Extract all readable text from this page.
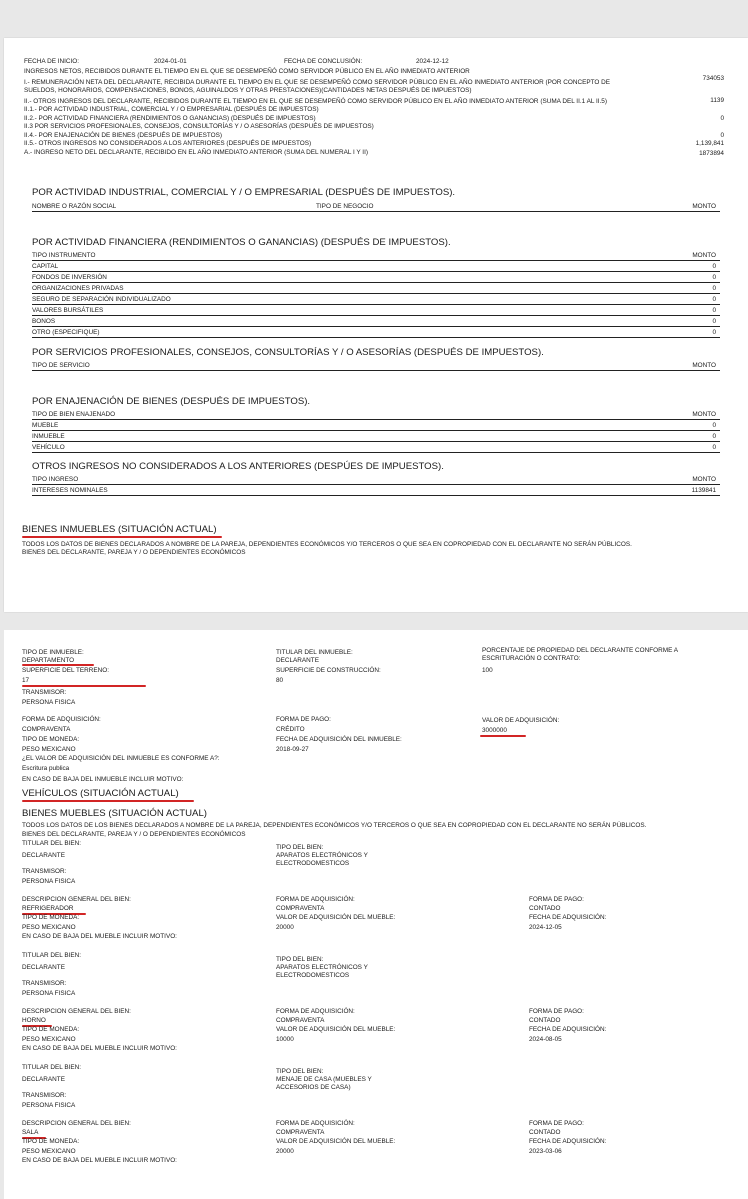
FECHA DE INICIO:	2024-01-01	FECHA DE CONCLUSIÓN:	2024-12-12
INGRESOS NETOS, RECIBIDOS DURANTE EL TIEMPO EN EL QUE SE DESEMPEÑÓ COMO SERVIDOR PÚBLICO EN EL AÑO INMEDIATO ANTERIOR
I.- REMUNERACIÓN NETA DEL DECLARANTE, RECIBIDA DURANTE EL TIEMPO EN EL QUE SE DESEMPEÑÓ COMO SERVIDOR PÚBLICO EN EL AÑO INMEDIATO ANTERIOR (POR CONCEPTO DE
SUELDOS, HONORARIOS, COMPENSACIONES, BONOS, AGUINALDOS Y OTRAS PRESTACIONES)(CANTIDADES NETAS DESPUÉS DE IMPUESTOS)
734053
II.- OTROS INGRESOS DEL DECLARANTE, RECIBIDOS DURANTE EL TIEMPO EN EL QUE SE DESEMPEÑÓ COMO SERVIDOR PÚBLICO EN EL AÑO INMEDIATO ANTERIOR (SUMA DEL II.1 AL II.5)	1139
II.1.- POR ACTIVIDAD INDUSTRIAL, COMERCIAL Y / O EMPRESARIAL (DESPUÉS DE IMPUESTOS)
II.2.- POR ACTIVIDAD FINANCIERA (RENDIMIENTOS O GANANCIAS) (DESPUÉS DE IMPUESTOS)	0
II.3 POR SERVICIOS PROFESIONALES, CONSEJOS, CONSULTORÍAS Y / O ASESORÍAS (DESPUÉS DE IMPUESTOS)
II.4.- POR ENAJENACIÓN DE BIENES (DESPUÉS DE IMPUESTOS)	0
II.5.- OTROS INGRESOS NO CONSIDERADOS A LOS ANTERIORES (DESPUÉS DE IMPUESTOS)	1,139,841
A.- INGRESO NETO DEL DECLARANTE, RECIBIDO EN EL AÑO INMEDIATO ANTERIOR (SUMA DEL NUMERAL I Y II)	1873894
POR ACTIVIDAD INDUSTRIAL, COMERCIAL Y / O EMPRESARIAL (DESPUÉS DE IMPUESTOS).
NOMBRE O RAZÓN SOCIAL	TIPO DE NEGOCIO	MONTO
POR ACTIVIDAD FINANCIERA (RENDIMIENTOS O GANANCIAS) (DESPUÉS DE IMPUESTOS).
TIPO INSTRUMENTO	MONTO
CAPITAL	0
FONDOS DE INVERSIÓN	0
ORGANIZACIONES PRIVADAS	0
SEGURO DE SEPARACIÓN INDIVIDUALIZADO	0
VALORES BURSÁTILES	0
BONOS	0
OTRO (ESPECIFIQUE)	0
POR SERVICIOS PROFESIONALES, CONSEJOS, CONSULTORÍAS Y / O ASESORÍAS (DESPUÉS DE IMPUESTOS).
TIPO DE SERVICIO	MONTO
POR ENAJENACIÓN DE BIENES (DESPUÉS DE IMPUESTOS).
TIPO DE BIEN ENAJENADO	MONTO
MUEBLE	0
INMUEBLE	0
VEHÍCULO	0
OTROS INGRESOS NO CONSIDERADOS A LOS ANTERIORES (DESPÚES DE IMPUESTOS).
TIPO INGRESO	MONTO
INTERESES NOMINALES	1139841
BIENES INMUEBLES (SITUACIÓN ACTUAL)
TODOS LOS DATOS DE BIENES DECLARADOS A NOMBRE DE LA PAREJA, DEPENDIENTES ECONÓMICOS Y/O TERCEROS O QUE SEA EN COPROPIEDAD CON EL DECLARANTE NO SERÁN PÚBLICOS.
BIENES DEL DECLARANTE, PAREJA Y / O DEPENDIENTES ECONÓMICOS
TIPO DE INMUEBLE:
DEPARTAMENTO
TITULAR DEL INMUEBLE:
DECLARANTE
PORCENTAJE DE PROPIEDAD DEL DECLARANTE CONFORME A
ESCRITURACIÓN O CONTRATO:
100
SUPERFICIE DEL TERRENO:
17
SUPERFICIE DE CONSTRUCCIÓN:
80
TRANSMISOR:
PERSONA FISICA
FORMA DE ADQUISICIÓN:
COMPRAVENTA
FORMA DE PAGO:
CRÉDITO
VALOR DE ADQUISICIÓN:
3000000
TIPO DE MONEDA:
PESO MEXICANO
FECHA DE ADQUISICIÓN DEL INMUEBLE:
2018-09-27
¿EL VALOR DE ADQUISICIÓN DEL INMUEBLE ES CONFORME A?:
Escritura publica
EN CASO DE BAJA DEL INMUEBLE INCLUIR MOTIVO:
VEHÍCULOS (SITUACIÓN ACTUAL)
BIENES MUEBLES (SITUACIÓN ACTUAL)
TODOS LOS DATOS DE LOS BIENES DECLARADOS A NOMBRE DE LA PAREJA, DEPENDIENTES ECONÓMICOS Y/O TERCEROS O QUE SEA EN COPROPIEDAD CON EL DECLARANTE NO SERÁN PÚBLICOS.
BIENES DEL DECLARANTE, PAREJA Y / O DEPENDIENTES ECONÓMICOS
TITULAR DEL BIEN:
DECLARANTE
TIPO DEL BIEN:
APARATOS ELECTRÓNICOS Y
ELECTRODOMESTICOS
TRANSMISOR:
PERSONA FISICA
DESCRIPCION GENERAL DEL BIEN:
REFRIGERADOR
FORMA DE ADQUISICIÓN:
COMPRAVENTA
FORMA DE PAGO:
CONTADO
TIPO DE MONEDA:
PESO MEXICANO
VALOR DE ADQUISICIÓN DEL MUEBLE:
20000
FECHA DE ADQUISICIÓN:
2024-12-05
EN CASO DE BAJA DEL MUEBLE INCLUIR MOTIVO:
TITULAR DEL BIEN:
DECLARANTE
TIPO DEL BIEN:
APARATOS ELECTRÓNICOS Y
ELECTRODOMESTICOS
TRANSMISOR:
PERSONA FISICA
DESCRIPCION GENERAL DEL BIEN:
HORNO
FORMA DE ADQUISICIÓN:
COMPRAVENTA
FORMA DE PAGO:
CONTADO
TIPO DE MONEDA:
PESO MEXICANO
VALOR DE ADQUISICIÓN DEL MUEBLE:
10000
FECHA DE ADQUISICIÓN:
2024-08-05
EN CASO DE BAJA DEL MUEBLE INCLUIR MOTIVO:
TITULAR DEL BIEN:
DECLARANTE
TIPO DEL BIEN:
MENAJE DE CASA (MUEBLES Y
ACCESORIOS DE CASA)
TRANSMISOR:
PERSONA FISICA
DESCRIPCION GENERAL DEL BIEN:
SALA
FORMA DE ADQUISICIÓN:
COMPRAVENTA
FORMA DE PAGO:
CONTADO
TIPO DE MONEDA:
PESO MEXICANO
VALOR DE ADQUISICIÓN DEL MUEBLE:
20000
FECHA DE ADQUISICIÓN:
2023-03-06
EN CASO DE BAJA DEL MUEBLE INCLUIR MOTIVO:
